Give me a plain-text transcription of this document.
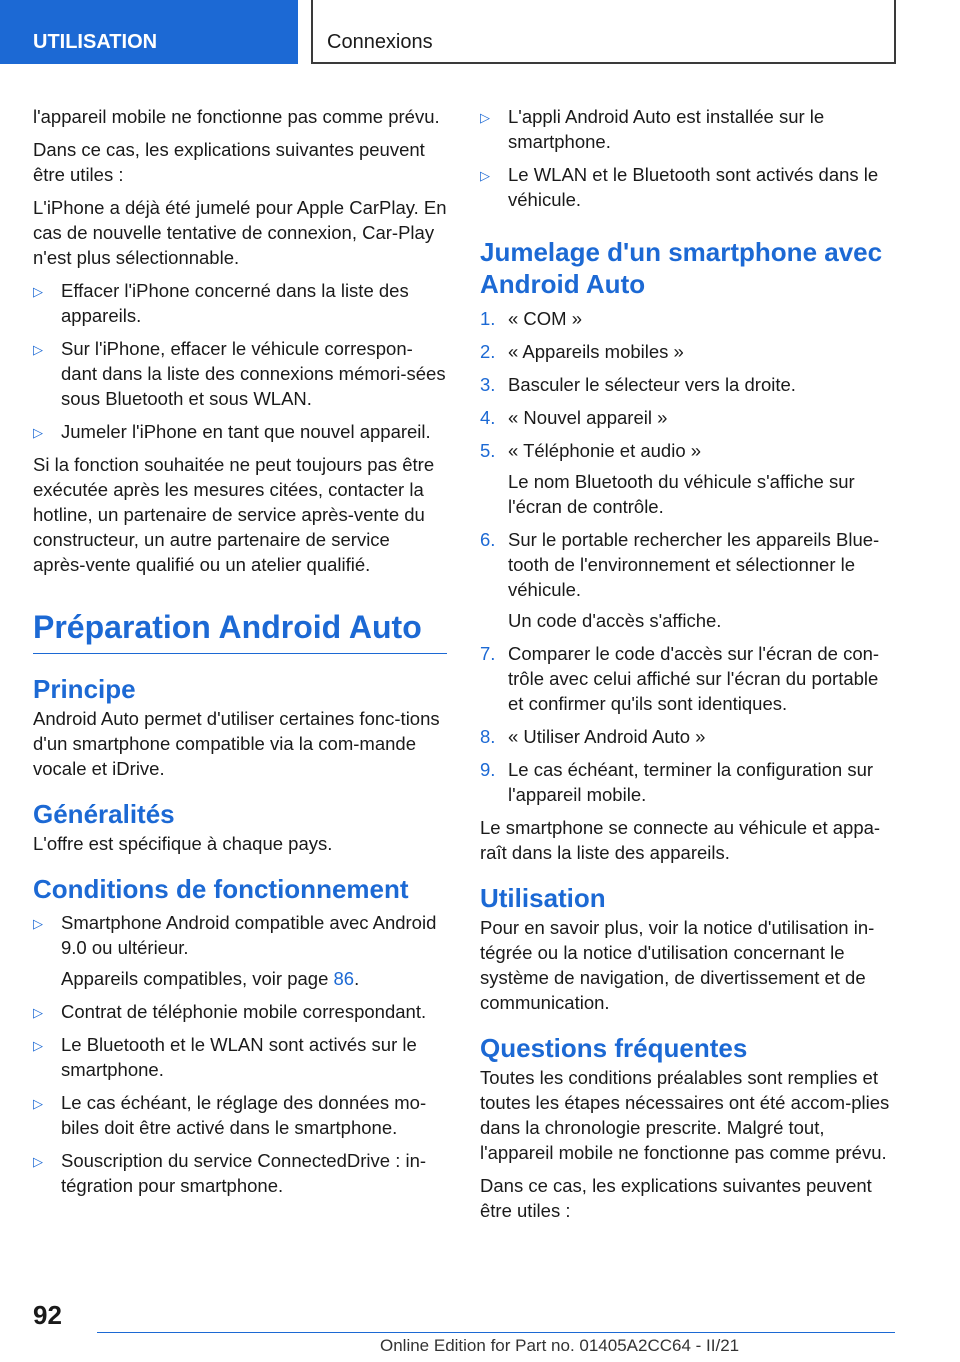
UTILISATION	Connexions

l'appareil mobile ne fonctionne pas comme prévu.

Dans ce cas, les explications suivantes peuvent être utiles :

L'iPhone a déjà été jumelé pour Apple CarPlay. En cas de nouvelle tentative de connexion, Car‐Play n'est plus sélectionnable.

▷ Effacer l'iPhone concerné dans la liste des appareils.
▷ Sur l'iPhone, effacer le véhicule correspon‐dant dans la liste des connexions mémori‐sées sous Bluetooth et sous WLAN.
▷ Jumeler l'iPhone en tant que nouvel appareil.

Si la fonction souhaitée ne peut toujours pas être exécutée après les mesures citées, contacter la hotline, un partenaire de service après-vente du constructeur, un autre partenaire de service après-vente qualifié ou un atelier qualifié.

Préparation Android Auto
Principe

Android Auto permet d'utiliser certaines fonc‐tions d'un smartphone compatible via la com‐mande vocale et iDrive.

Généralités

L'offre est spécifique à chaque pays.

Conditions de fonctionnement
▷ Smartphone Android compatible avec Android 9.0 ou ultérieur.
Appareils compatibles, voir page 86.
▷ Contrat de téléphonie mobile correspondant.
▷ Le Bluetooth et le WLAN sont activés sur le smartphone.
▷ Le cas échéant, le réglage des données mo‐biles doit être activé dans le smartphone.
▷ Souscription du service ConnectedDrive : in‐tégration pour smartphone.
▷ L'appli Android Auto est installée sur le smartphone.
▷ Le WLAN et le Bluetooth sont activés dans le véhicule.
Jumelage d'un smartphone avec Android Auto
1. « COM »
2. « Appareils mobiles »
3. Basculer le sélecteur vers la droite.
4. « Nouvel appareil »
5. « Téléphonie et audio »
Le nom Bluetooth du véhicule s'affiche sur l'écran de contrôle.
6. Sur le portable rechercher les appareils Blue‐tooth de l'environnement et sélectionner le véhicule.
Un code d'accès s'affiche.
7. Comparer le code d'accès sur l'écran de con‐trôle avec celui affiché sur l'écran du portable et confirmer qu'ils sont identiques.
8. « Utiliser Android Auto »
9. Le cas échéant, terminer la configuration sur l'appareil mobile.

Le smartphone se connecte au véhicule et appa‐raît dans la liste des appareils.

Utilisation

Pour en savoir plus, voir la notice d'utilisation in‐tégrée ou la notice d'utilisation concernant le système de navigation, de divertissement et de communication.

Questions fréquentes

Toutes les conditions préalables sont remplies et toutes les étapes nécessaires ont été accom‐plies dans la chronologie prescrite. Malgré tout, l'appareil mobile ne fonctionne pas comme prévu.

Dans ce cas, les explications suivantes peuvent être utiles :

92
Online Edition for Part no. 01405A2CC64 - II/21
